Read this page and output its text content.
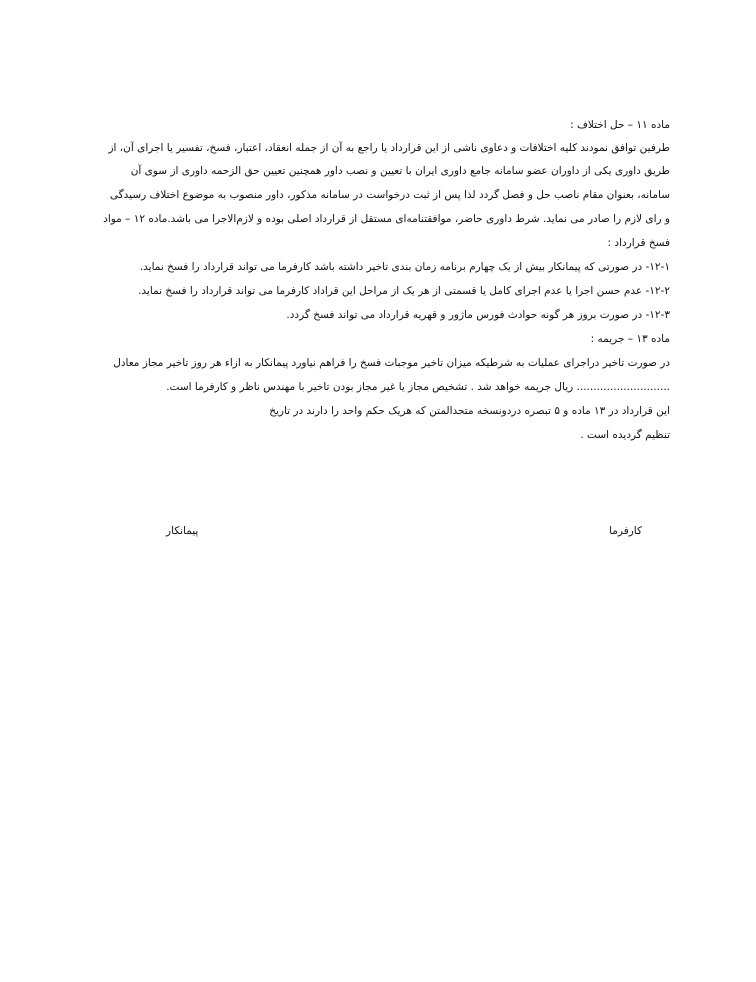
ماده ۱۱ – حل اختلاف :
طرفین توافق نمودند کلیه اختلافات و دعاوی ناشی از این قرارداد یا راجع به آن از جمله انعقاد، اعتبار، فسخ، تفسیر یا اجرای آن، از
طریق داوری یکی از داوران عضو سامانه جامع داوری ایران با تعیین و نصب داور همچنین تعیین حق الزحمه داوری از سوی آن
سامانه، بعنوان مقام ناصب حل و فصل گردد لذا پس از ثبت درخواست در سامانه مذکور، داور منصوب به موضوع اختلاف رسیدگی
و رای لازم را صادر می نماید. شرط داوری حاضر، موافقتنامه‌ای مستقل از قرارداد اصلی بوده و لازم‌الاجرا می باشد.ماده ۱۲ – مواد
فسخ قرارداد :
۱۲-۱- در صورتی که پیمانکار بیش از یک چهارم برنامه زمان بندی تاخیر داشته باشد کارفرما می تواند قرارداد را فسخ نماید.
۱۲-۲- عدم حسن اجرا یا عدم اجرای کامل یا قسمتی از هر یک از مراحل این قراداد کارفرما می تواند قرارداد را فسخ نماید.
۱۲-۳- در صورت بروز هر گونه حوادث فورس ماژور و قهریه قرارداد می تواند فسخ گردد.
ماده ۱۳ – جریمه :
در صورت تاخیر دراجرای عملیات به شرطیکه میزان تاخیر موجبات فسخ را فراهم نیاورد پیمانکار به ازاء هر روز تاخیر مجاز معادل
............................ ریال جریمه خواهد شد . تشخیص مجاز یا غیر مجاز بودن تاخیر با مهندس ناظر و کارفرما است.
این قرارداد در ۱۳ ماده و ۵ تبصره دردونسخه متحدالمتن که هریک حکم واحد را دارند در تاریخ
تنظیم گردیده است .
کارفرما
پیمانکار
